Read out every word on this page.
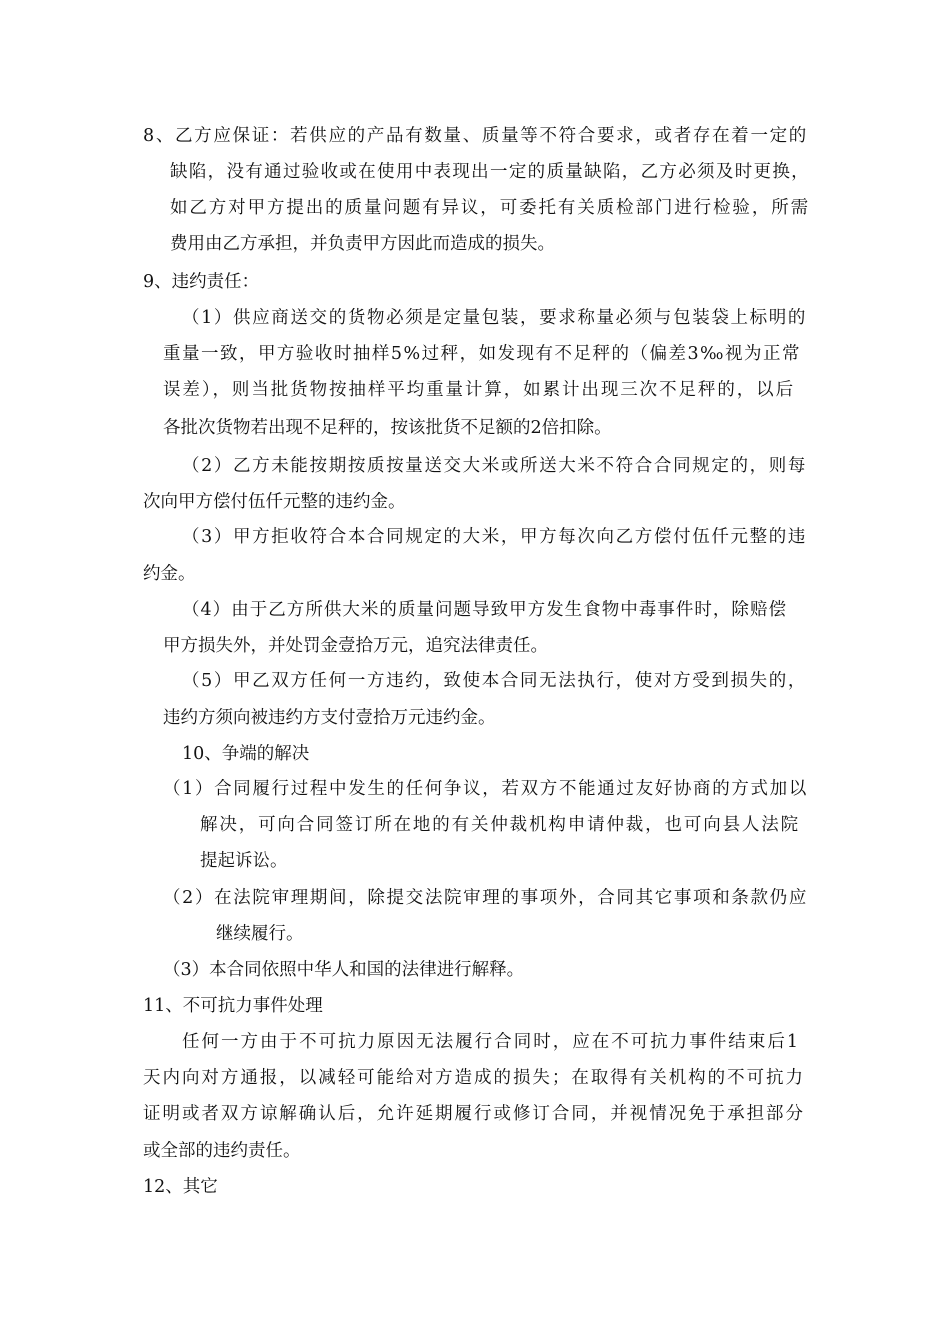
8、乙方应保证：若供应的产品有数量、质量等不符合要求，或者存在着一定的
缺陷，没有通过验收或在使用中表现出一定的质量缺陷，乙方必须及时更换，
如乙方对甲方提出的质量问题有异议，可委托有关质检部门进行检验，所需
费用由乙方承担，并负责甲方因此而造成的损失。
9、违约责任：
（1）供应商送交的货物必须是定量包装，要求称量必须与包装袋上标明的
重量一致，甲方验收时抽样5%过秤，如发现有不足秤的（偏差3‰视为正常
误差），则当批货物按抽样平均重量计算，如累计出现三次不足秤的，以后
各批次货物若出现不足秤的，按该批货不足额的2倍扣除。
（2）乙方未能按期按质按量送交大米或所送大米不符合合同规定的，则每
次向甲方偿付伍仟元整的违约金。
（3）甲方拒收符合本合同规定的大米，甲方每次向乙方偿付伍仟元整的违
约金。
（4）由于乙方所供大米的质量问题导致甲方发生食物中毒事件时，除赔偿
甲方损失外，并处罚金壹拾万元，追究法律责任。
（5）甲乙双方任何一方违约，致使本合同无法执行，使对方受到损失的，
违约方须向被违约方支付壹拾万元违约金。
10、争端的解决
（1）合同履行过程中发生的任何争议，若双方不能通过友好协商的方式加以
解决，可向合同签订所在地的有关仲裁机构申请仲裁，也可向县人法院
提起诉讼。
（2）在法院审理期间，除提交法院审理的事项外，合同其它事项和条款仍应
继续履行。
（3）本合同依照中华人和国的法律进行解释。
11、不可抗力事件处理
任何一方由于不可抗力原因无法履行合同时，应在不可抗力事件结束后1
天内向对方通报，以减轻可能给对方造成的损失；在取得有关机构的不可抗力
证明或者双方谅解确认后，允许延期履行或修订合同，并视情况免于承担部分
或全部的违约责任。
12、其它
